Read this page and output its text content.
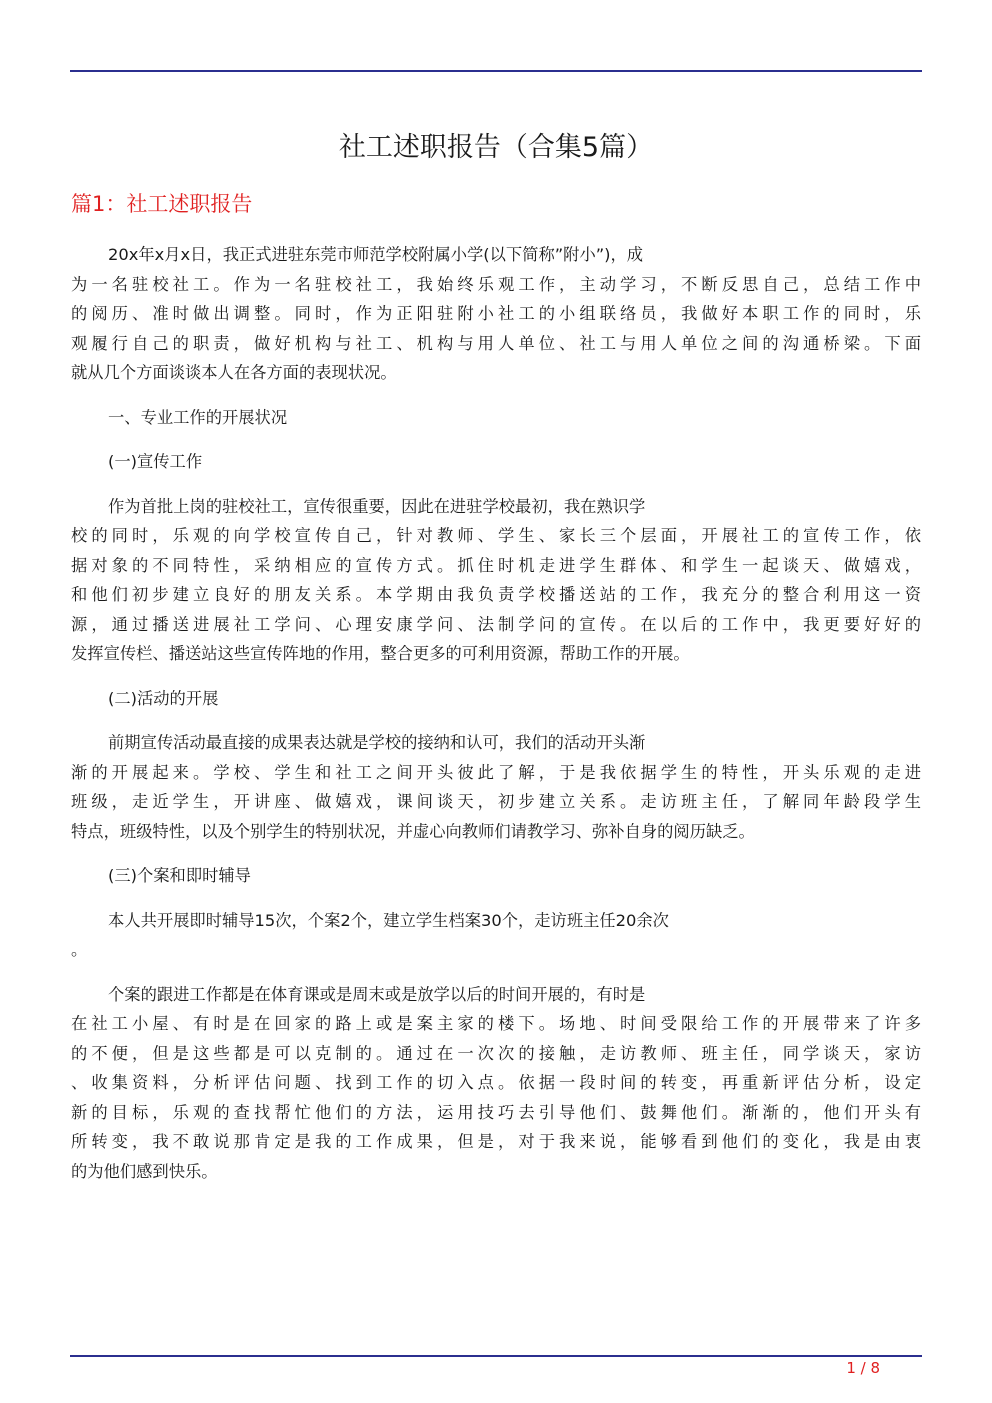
社工述职报告（合集5篇）
篇1：社工述职报告
20x年x月x日，我正式进驻东莞市师范学校附属小学(以下简称”附小”)，成
为一名驻校社工。作为一名驻校社工，我始终乐观工作，主动学习，不断反思自己，总结工作中
的阅历、准时做出调整。同时，作为正阳驻附小社工的小组联络员，我做好本职工作的同时，乐
观履行自己的职责，做好机构与社工、机构与用人单位、社工与用人单位之间的沟通桥梁。下面
就从几个方面谈谈本人在各方面的表现状况。
一、专业工作的开展状况
(一)宣传工作
作为首批上岗的驻校社工，宣传很重要，因此在进驻学校最初，我在熟识学
校的同时，乐观的向学校宣传自己，针对教师、学生、家长三个层面，开展社工的宣传工作，依
据对象的不同特性，采纳相应的宣传方式。抓住时机走进学生群体、和学生一起谈天、做嬉戏，
和他们初步建立良好的朋友关系。本学期由我负责学校播送站的工作，我充分的整合利用这一资
源，通过播送进展社工学问、心理安康学问、法制学问的宣传。在以后的工作中，我更要好好的
发挥宣传栏、播送站这些宣传阵地的作用，整合更多的可利用资源，帮助工作的开展。
(二)活动的开展
前期宣传活动最直接的成果表达就是学校的接纳和认可，我们的活动开头渐
渐的开展起来。学校、学生和社工之间开头彼此了解，于是我依据学生的特性，开头乐观的走进
班级，走近学生，开讲座、做嬉戏，课间谈天，初步建立关系。走访班主任，了解同年龄段学生
特点，班级特性，以及个别学生的特别状况，并虚心向教师们请教学习、弥补自身的阅历缺乏。
(三)个案和即时辅导
本人共开展即时辅导15次，个案2个，建立学生档案30个，走访班主任20余次
。
个案的跟进工作都是在体育课或是周末或是放学以后的时间开展的，有时是
在社工小屋、有时是在回家的路上或是案主家的楼下。场地、时间受限给工作的开展带来了许多
的不便，但是这些都是可以克制的。通过在一次次的接触，走访教师、班主任，同学谈天，家访
、收集资料，分析评估问题、找到工作的切入点。依据一段时间的转变，再重新评估分析，设定
新的目标，乐观的查找帮忙他们的方法，运用技巧去引导他们、鼓舞他们。渐渐的，他们开头有
所转变，我不敢说那肯定是我的工作成果，但是，对于我来说，能够看到他们的变化，我是由衷
的为他们感到快乐。
1 / 8
